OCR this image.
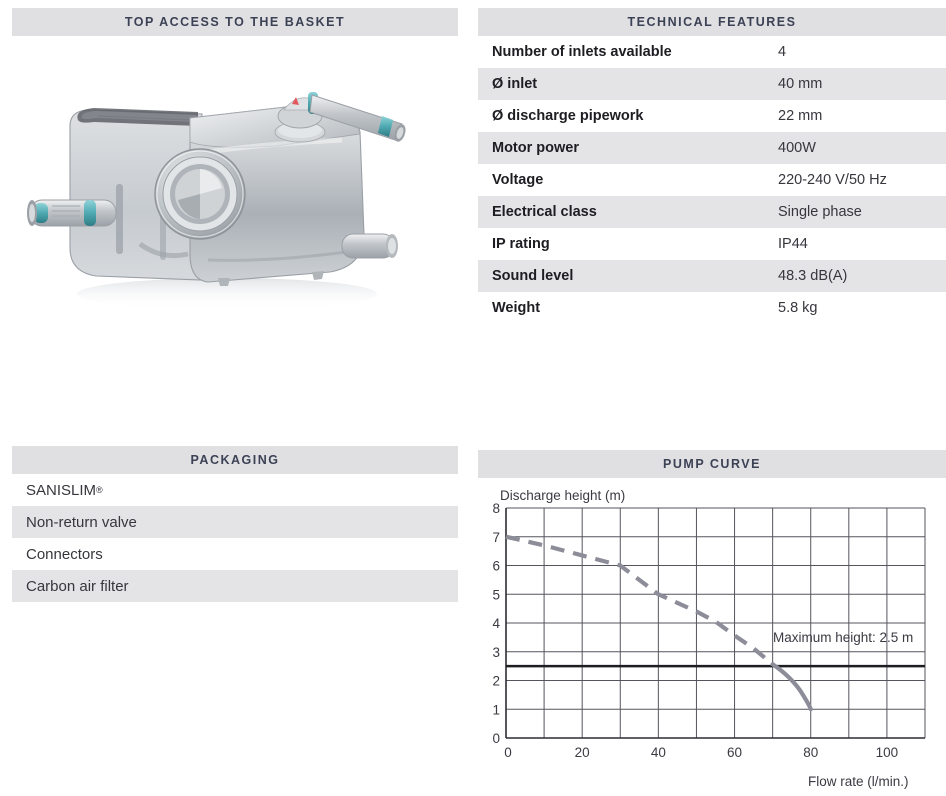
TOP ACCESS TO THE BASKET	TECHNICAL FEATURES
Number of inlets available	4
Ø inlet	40 mm
Ø discharge pipework	22 mm
Motor power	400W
Voltage	220-240 V/50 Hz
Electrical class	Single phase
IP rating	IP44
Sound level	48.3 dB(A)
Weight	5.8 kg
PACKAGING
SANISLIM ®
Non-return valve
Connectors
Carbon air filter
PUMP CURVE
Discharge height (m)
0
1
2
3
4
5
6
7
8
0	20	40	60	80	100
Maximum height: 2.5 m
Flow rate (l/min.)
